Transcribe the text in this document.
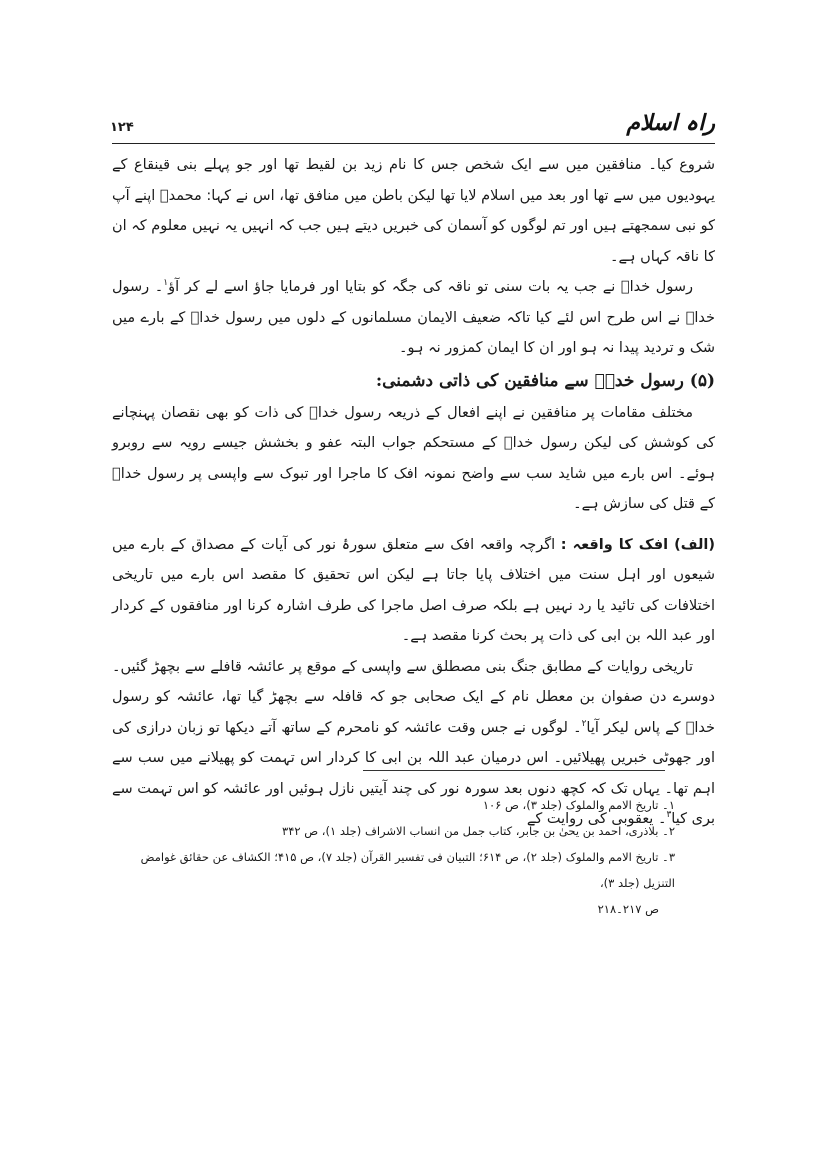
راہ اسلام
۱۲۴

شروع کیا۔ منافقین میں سے ایک شخص جس کا نام زید بن لقیط تھا اور جو پہلے بنی قینقاع کے یہودیوں میں سے تھا اور بعد میں اسلام لایا تھا لیکن باطن میں منافق تھا، اس نے کہا: محمدؐ اپنے آپ کو نبی سمجھتے ہیں اور تم لوگوں کو آسمان کی خبریں دیتے ہیں جب کہ انہیں یہ نہیں معلوم کہ ان کا ناقہ کہاں ہے۔

رسول خداؐ نے جب یہ بات سنی تو ناقہ کی جگہ کو بتایا اور فرمایا جاؤ اسے لے کر آؤ$^۱$۔ رسول خداؐ نے اس طرح اس لئے کیا تاکہ ضعیف الایمان مسلمانوں کے دلوں میں رسول خداؐ کے بارے میں شک و تردید پیدا نہ ہو اور ان کا ایمان کمزور نہ ہو۔

(۵) رسول خداؐ سے منافقین کی ذاتی دشمنی:

مختلف مقامات پر منافقین نے اپنے افعال کے ذریعہ رسول خداؐ کی ذات کو بھی نقصان پہنچانے کی کوشش کی لیکن رسول خداؐ کے مستحکم جواب البتہ عفو و بخشش جیسے رویہ سے روبرو ہوئے۔ اس بارے میں شاید سب سے واضح نمونہ افک کا ماجرا اور تبوک سے واپسی پر رسول خداؐ کے قتل کی سازش ہے۔

(الف) افک کا واقعہ : اگرچہ واقعہ افک سے متعلق سورۂ نور کی آیات کے مصداق کے بارے میں شیعوں اور اہل سنت میں اختلاف پایا جاتا ہے لیکن اس تحقیق کا مقصد اس بارے میں تاریخی اختلافات کی تائید یا رد نہیں ہے بلکہ صرف اصل ماجرا کی طرف اشارہ کرنا اور منافقوں کے کردار اور عبد اللہ بن ابی کی ذات پر بحث کرنا مقصد ہے۔

تاریخی روایات کے مطابق جنگ بنی مصطلق سے واپسی کے موقع پر عائشہ قافلے سے بچھڑ گئیں۔ دوسرے دن صفوان بن معطل نام کے ایک صحابی جو کہ قافلہ سے بچھڑ گیا تھا، عائشہ کو رسول خداؐ کے پاس لیکر آیا$^۲$۔ لوگوں نے جس وقت عائشہ کو نامحرم کے ساتھ آتے دیکھا تو زبان درازی کی اور جھوٹی خبریں پھیلائیں۔ اس درمیان عبد اللہ بن ابی کا کردار اس تہمت کو پھیلانے میں سب سے اہم تھا۔ یہاں تک کہ کچھ دنوں بعد سورہ نور کی چند آیتیں نازل ہوئیں اور عائشہ کو اس تہمت سے بری کیا$^۳$۔ یعقوبی کی روایت کے

۱۔ تاریخ الامم والملوک (جلد ۳)، ص ۱۰۶

۲۔ بلاذری، احمد بن یحیٰ بن جابر، کتاب جمل من انساب الاشراف (جلد ۱)، ص ۳۴۲

۳۔ تاریخ الامم والملوک (جلد ۲)، ص ۶۱۴؛ التبیان فی تفسیر القرآن (جلد ۷)، ص ۴۱۵؛ الکشاف عن حقائق غوامض التنزیل (جلد ۳)،

ص ۲۱۷۔۲۱۸
